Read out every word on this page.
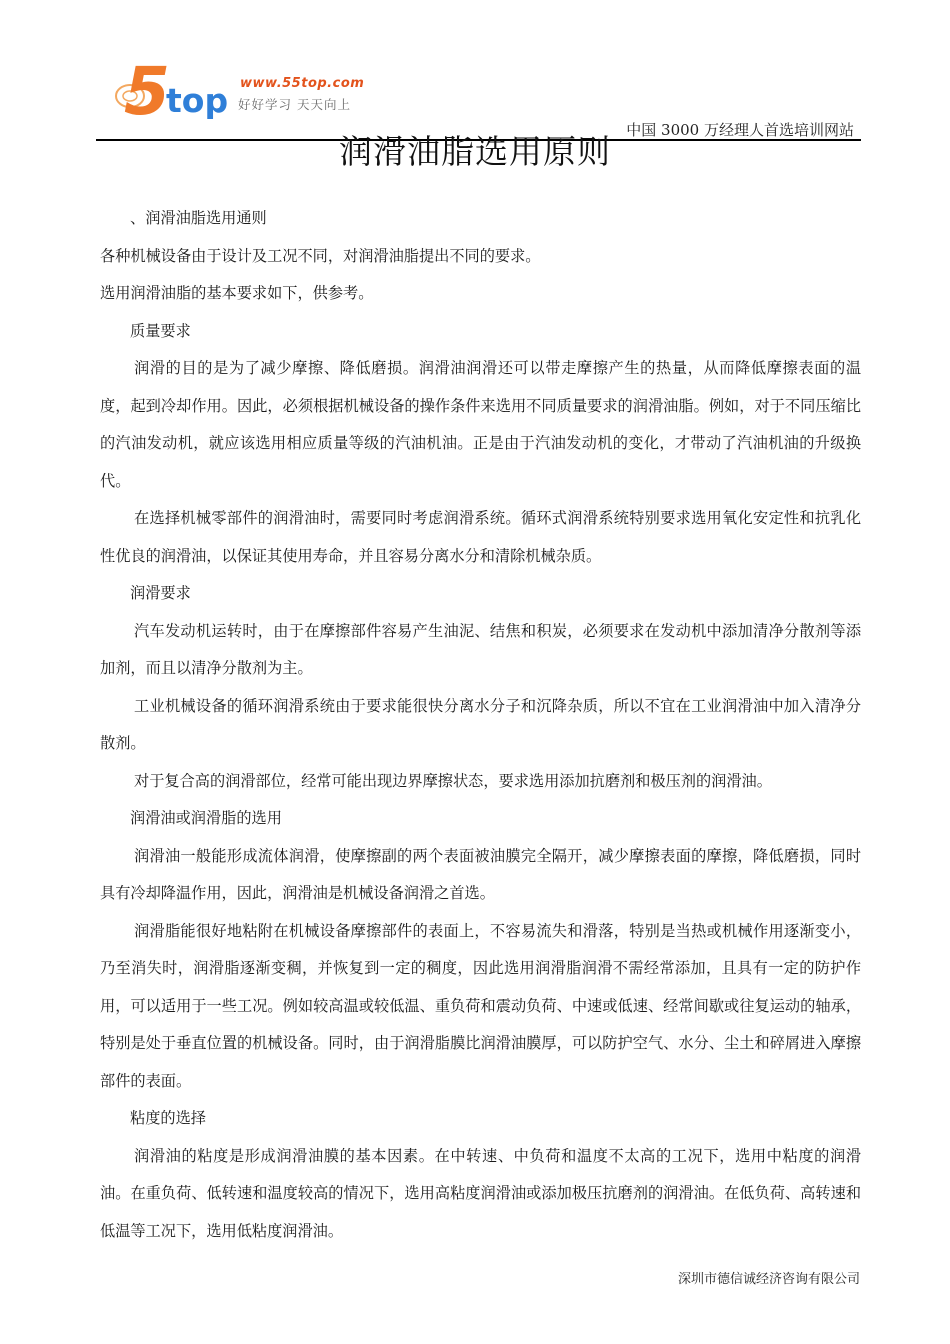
5
top www.55top.com
好好学习 天天向上
中国 3000 万经理人首选培训网站
润滑油脂选用原则

、润滑油脂选用通则

各种机械设备由于设计及工况不同，对润滑油脂提出不同的要求。

选用润滑油脂的基本要求如下，供参考。

质量要求

润滑的目的是为了减少摩擦、降低磨损。润滑油润滑还可以带走摩擦产生的热量，从而降低摩擦表面的温度，起到冷却作用。因此，必须根据机械设备的操作条件来选用不同质量要求的润滑油脂。例如，对于不同压缩比的汽油发动机，就应该选用相应质量等级的汽油机油。正是由于汽油发动机的变化，才带动了汽油机油的升级换代。

在选择机械零部件的润滑油时，需要同时考虑润滑系统。循环式润滑系统特别要求选用氧化安定性和抗乳化性优良的润滑油，以保证其使用寿命，并且容易分离水分和清除机械杂质。

润滑要求

汽车发动机运转时，由于在摩擦部件容易产生油泥、结焦和积炭，必须要求在发动机中添加清净分散剂等添加剂，而且以清净分散剂为主。

工业机械设备的循环润滑系统由于要求能很快分离水分子和沉降杂质，所以不宜在工业润滑油中加入清净分散剂。

对于复合高的润滑部位，经常可能出现边界摩擦状态，要求选用添加抗磨剂和极压剂的润滑油。

润滑油或润滑脂的选用

润滑油一般能形成流体润滑，使摩擦副的两个表面被油膜完全隔开，减少摩擦表面的摩擦，降低磨损，同时具有冷却降温作用，因此，润滑油是机械设备润滑之首选。

润滑脂能很好地粘附在机械设备摩擦部件的表面上，不容易流失和滑落，特别是当热或机械作用逐渐变小，乃至消失时，润滑脂逐渐变稠，并恢复到一定的稠度，因此选用润滑脂润滑不需经常添加，且具有一定的防护作用，可以适用于一些工况。例如较高温或较低温、重负荷和震动负荷、中速或低速、经常间歇或往复运动的轴承，特别是处于垂直位置的机械设备。同时，由于润滑脂膜比润滑油膜厚，可以防护空气、水分、尘土和碎屑进入摩擦部件的表面。

粘度的选择

润滑油的粘度是形成润滑油膜的基本因素。在中转速、中负荷和温度不太高的工况下，选用中粘度的润滑油。在重负荷、低转速和温度较高的情况下，选用高粘度润滑油或添加极压抗磨剂的润滑油。在低负荷、高转速和低温等工况下，选用低粘度润滑油。

深圳市德信诚经济咨询有限公司
